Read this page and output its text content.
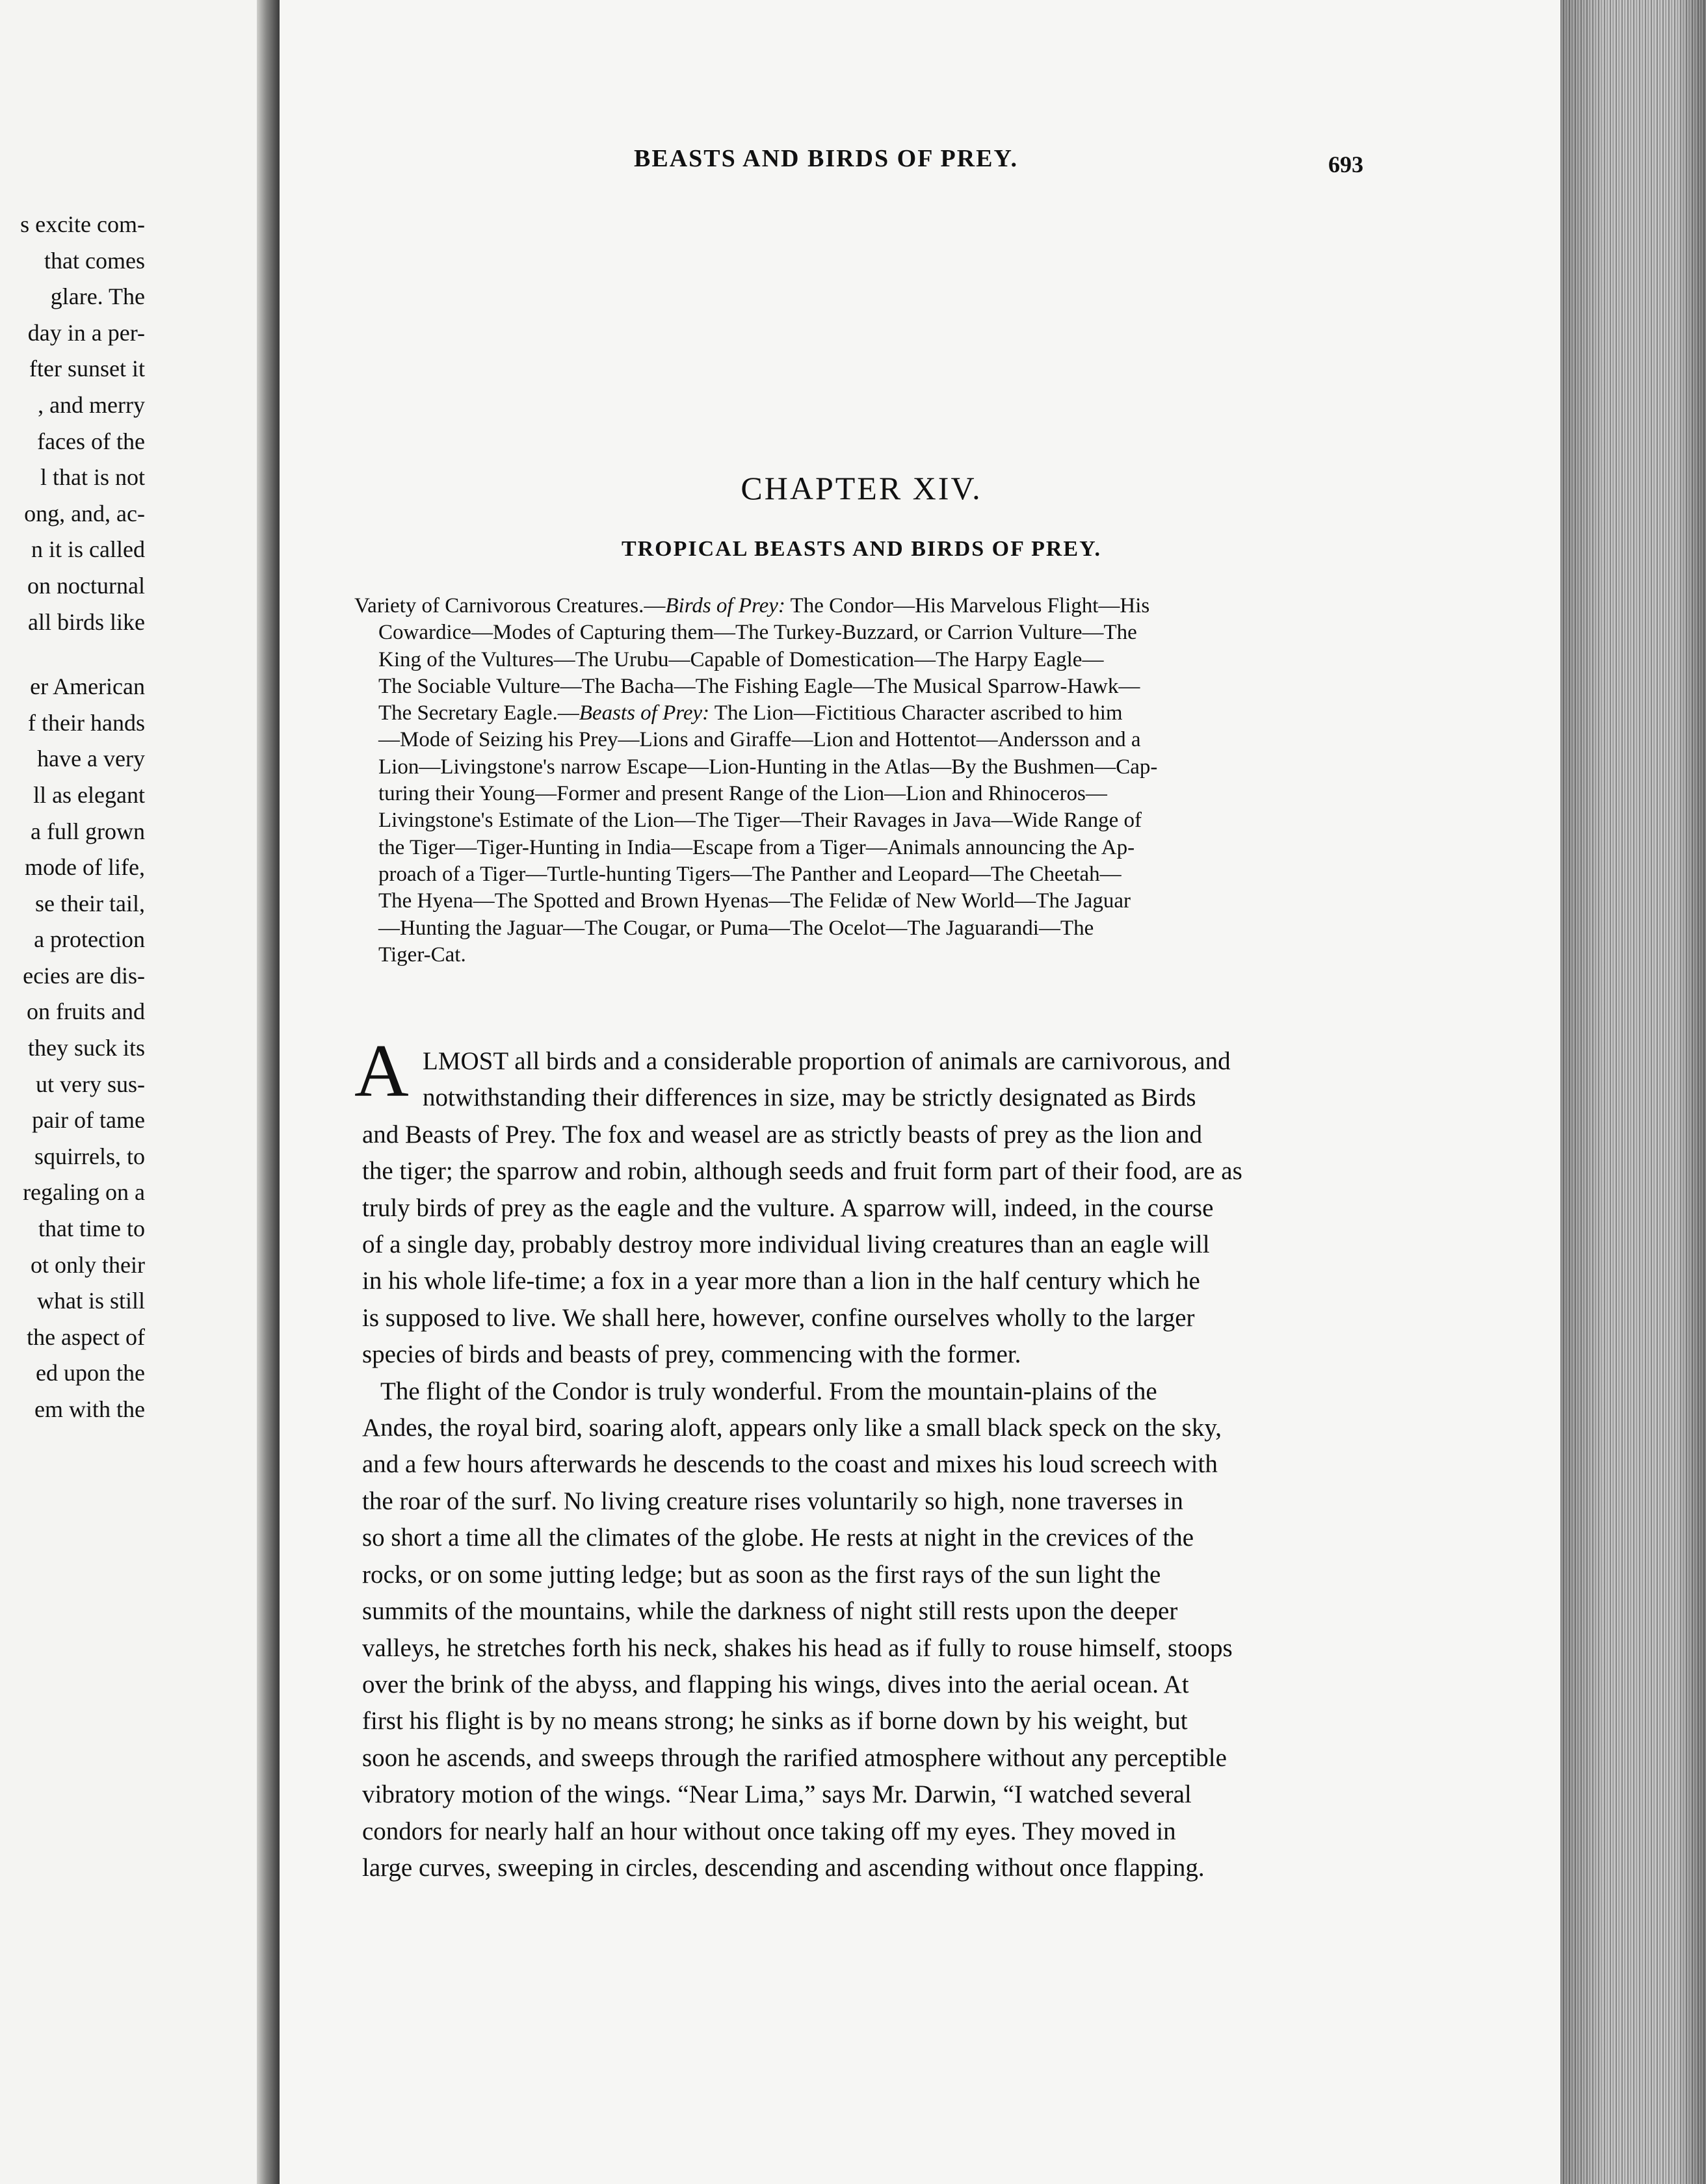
s excite com-
that comes
glare. The
day in a per-
fter sunset it
, and merry
faces of the
l that is not
ong, and, ac-
n it is called
on nocturnal
all birds like
er American
f their hands
have a very
ll as elegant
a full grown
mode of life,
se their tail,
a protection
ecies are dis-
on fruits and
they suck its
ut very sus-
pair of tame
squirrels, to
regaling on a
that time to
ot only their
what is still
the aspect of
ed upon the
em with the
BEASTS AND BIRDS OF PREY.	693
CHAPTER XIV.
TROPICAL BEASTS AND BIRDS OF PREY.
Variety of Carnivorous Creatures.—Birds of Prey: The Condor—His Marvelous Flight—His
Cowardice—Modes of Capturing them—The Turkey-Buzzard, or Carrion Vulture—The
King of the Vultures—The Urubu—Capable of Domestication—The Harpy Eagle—
The Sociable Vulture—The Bacha—The Fishing Eagle—The Musical Sparrow-Hawk—
The Secretary Eagle.—Beasts of Prey: The Lion—Fictitious Character ascribed to him
—Mode of Seizing his Prey—Lions and Giraffe—Lion and Hottentot—Andersson and a
Lion—Livingstone's narrow Escape—Lion-Hunting in the Atlas—By the Bushmen—Cap-
turing their Young—Former and present Range of the Lion—Lion and Rhinoceros—
Livingstone's Estimate of the Lion—The Tiger—Their Ravages in Java—Wide Range of
the Tiger—Tiger-Hunting in India—Escape from a Tiger—Animals announcing the Ap-
proach of a Tiger—Turtle-hunting Tigers—The Panther and Leopard—The Cheetah—
The Hyena—The Spotted and Brown Hyenas—The Felidæ of New World—The Jaguar
—Hunting the Jaguar—The Cougar, or Puma—The Ocelot—The Jaguarandi—The
Tiger-Cat.
A LMOST all birds and a considerable proportion of animals are carnivorous, and
notwithstanding their differences in size, may be strictly designated as Birds
and Beasts of Prey. The fox and weasel are as strictly beasts of prey as the lion and
the tiger; the sparrow and robin, although seeds and fruit form part of their food, are as
truly birds of prey as the eagle and the vulture. A sparrow will, indeed, in the course
of a single day, probably destroy more individual living creatures than an eagle will
in his whole life-time; a fox in a year more than a lion in the half century which he
is supposed to live. We shall here, however, confine ourselves wholly to the larger
species of birds and beasts of prey, commencing with the former.
The flight of the Condor is truly wonderful. From the mountain-plains of the
Andes, the royal bird, soaring aloft, appears only like a small black speck on the sky,
and a few hours afterwards he descends to the coast and mixes his loud screech with
the roar of the surf. No living creature rises voluntarily so high, none traverses in
so short a time all the climates of the globe. He rests at night in the crevices of the
rocks, or on some jutting ledge; but as soon as the first rays of the sun light the
summits of the mountains, while the darkness of night still rests upon the deeper
valleys, he stretches forth his neck, shakes his head as if fully to rouse himself, stoops
over the brink of the abyss, and flapping his wings, dives into the aerial ocean. At
first his flight is by no means strong; he sinks as if borne down by his weight, but
soon he ascends, and sweeps through the rarified atmosphere without any perceptible
vibratory motion of the wings. “Near Lima,” says Mr. Darwin, “I watched several
condors for nearly half an hour without once taking off my eyes. They moved in
large curves, sweeping in circles, descending and ascending without once flapping.
